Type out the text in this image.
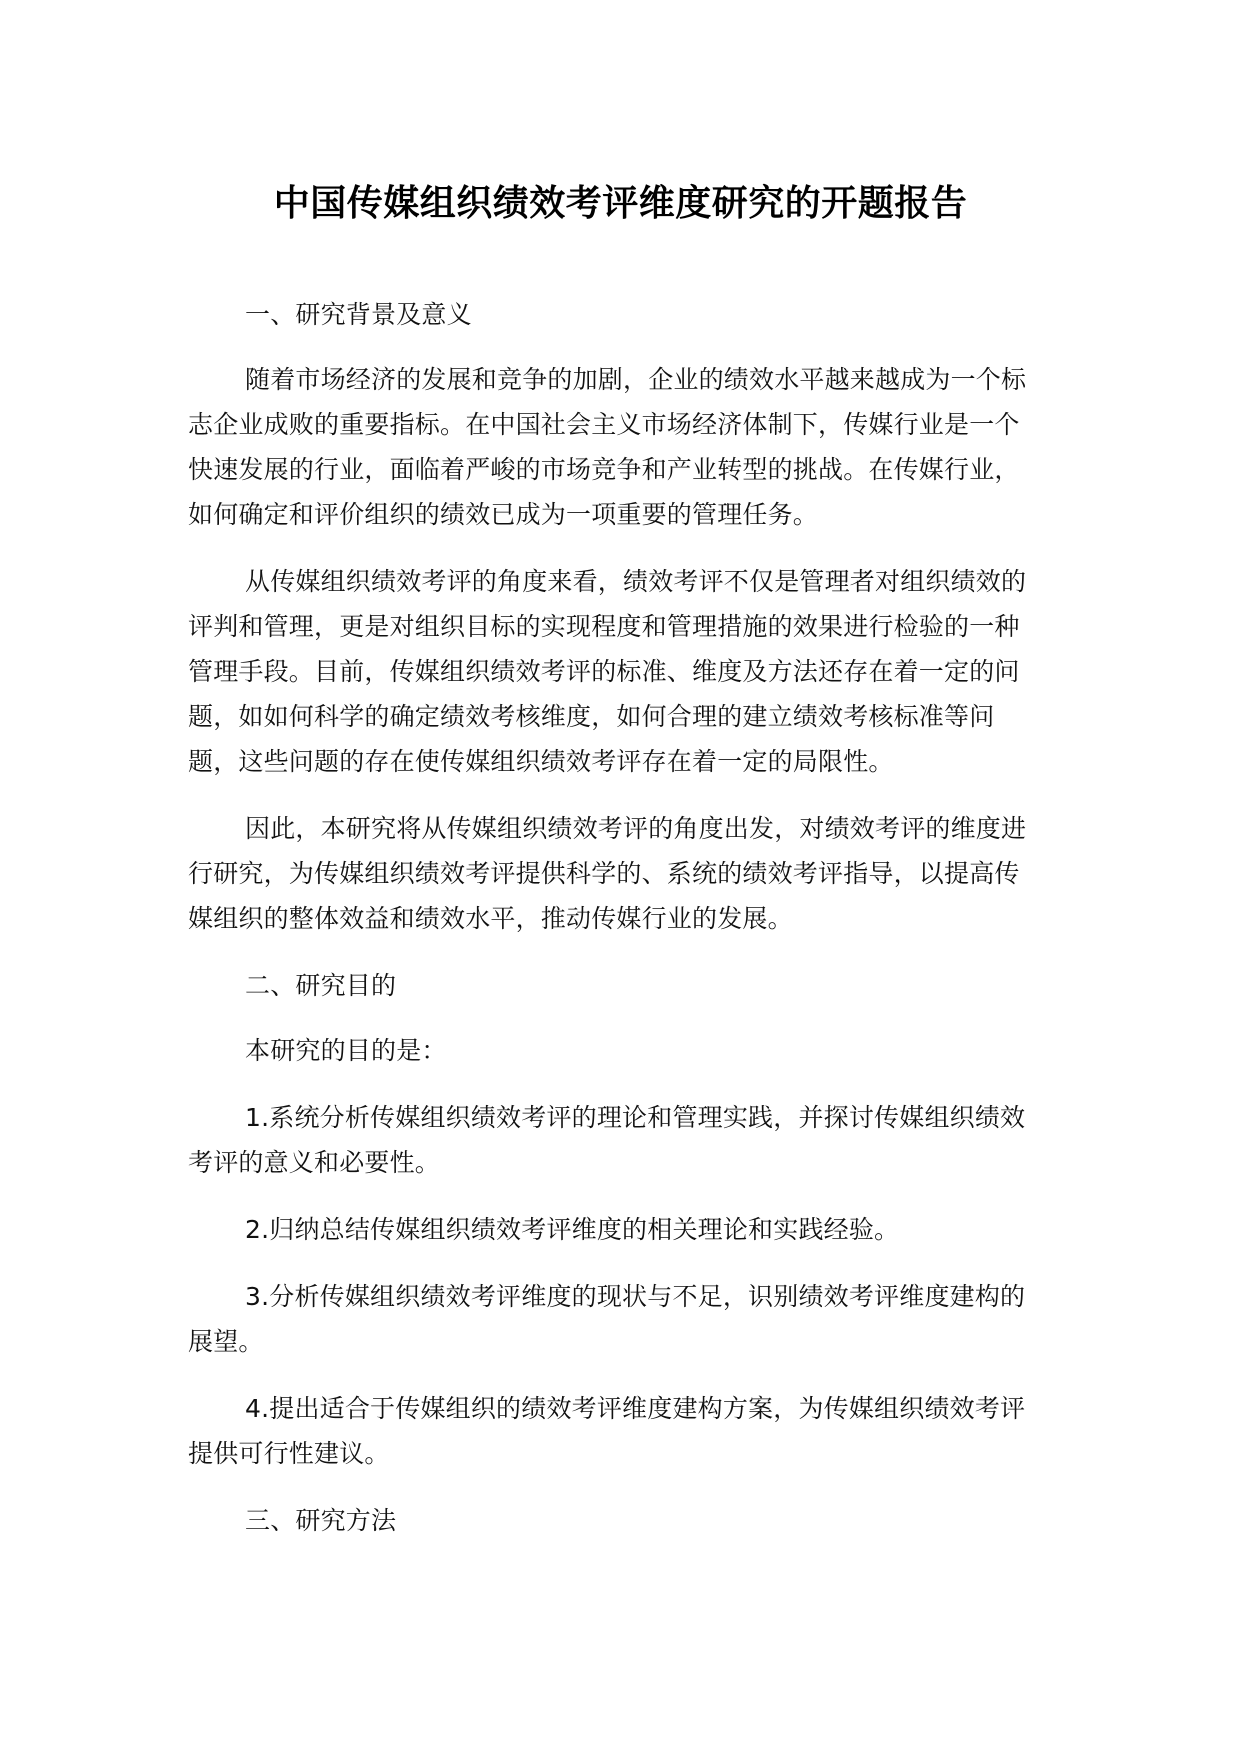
中国传媒组织绩效考评维度研究的开题报告

一、研究背景及意义

随着市场经济的发展和竞争的加剧，企业的绩效水平越来越成为一个标志企业成败的重要指标。在中国社会主义市场经济体制下，传媒行业是一个快速发展的行业，面临着严峻的市场竞争和产业转型的挑战。在传媒行业，如何确定和评价组织的绩效已成为一项重要的管理任务。

从传媒组织绩效考评的角度来看，绩效考评不仅是管理者对组织绩效的评判和管理，更是对组织目标的实现程度和管理措施的效果进行检验的一种管理手段。目前，传媒组织绩效考评的标准、维度及方法还存在着一定的问题，如如何科学的确定绩效考核维度，如何合理的建立绩效考核标准等问题，这些问题的存在使传媒组织绩效考评存在着一定的局限性。

因此，本研究将从传媒组织绩效考评的角度出发，对绩效考评的维度进行研究，为传媒组织绩效考评提供科学的、系统的绩效考评指导，以提高传媒组织的整体效益和绩效水平，推动传媒行业的发展。

二、研究目的

本研究的目的是：

1.系统分析传媒组织绩效考评的理论和管理实践，并探讨传媒组织绩效考评的意义和必要性。

2.归纳总结传媒组织绩效考评维度的相关理论和实践经验。

3.分析传媒组织绩效考评维度的现状与不足，识别绩效考评维度建构的展望。

4.提出适合于传媒组织的绩效考评维度建构方案，为传媒组织绩效考评提供可行性建议。

三、研究方法
